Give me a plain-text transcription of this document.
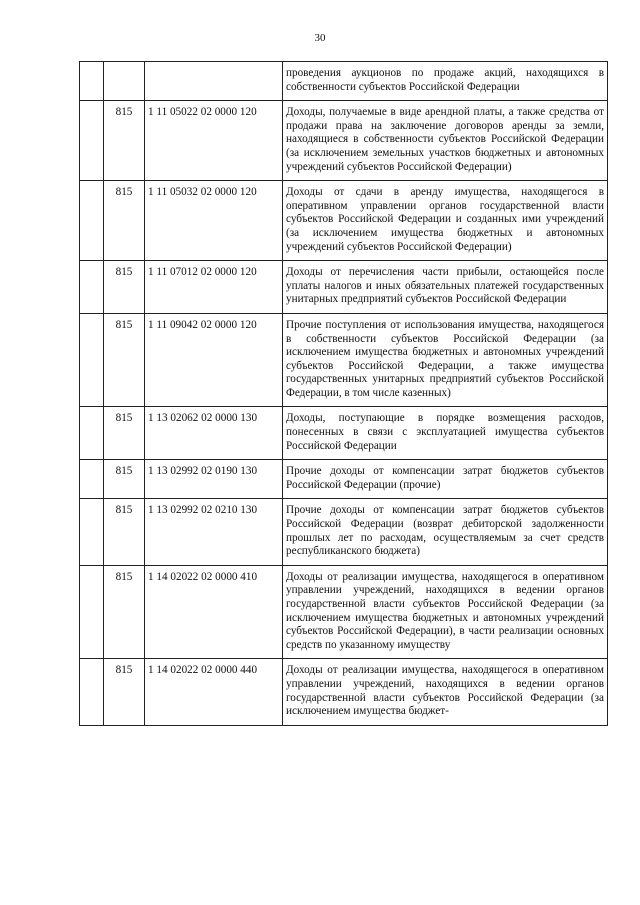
30
			проведения аукционов по продаже акций, находящихся в собственности субъектов Российской Федерации
	815	1 11 05022 02 0000 120	Доходы, получаемые в виде арендной платы, а также средства от продажи права на заключение договоров аренды за земли, находящиеся в собственности субъектов Российской Федерации (за исключением земельных участков бюджетных и автономных учреждений субъектов Российской Федерации)
	815	1 11 05032 02 0000 120	Доходы от сдачи в аренду имущества, находящегося в оперативном управлении органов государственной власти субъектов Российской Федерации и созданных ими учреждений (за исключением имущества бюджетных и автономных учреждений субъектов Российской Федерации)
	815	1 11 07012 02 0000 120	Доходы от перечисления части прибыли, остающейся после уплаты налогов и иных обязательных платежей государственных унитарных предприятий субъектов Российской Федерации
	815	1 11 09042 02 0000 120	Прочие поступления от использования имущества, находящегося в собственности субъектов Российской Федерации (за исключением имущества бюджетных и автономных учреждений субъектов Российской Федерации, а также имущества государственных унитарных предприятий субъектов Российской Федерации, в том числе казенных)
	815	1 13 02062 02 0000 130	Доходы, поступающие в порядке возмещения расходов, понесенных в связи с эксплуатацией имущества субъектов Российской Федерации
	815	1 13 02992 02 0190 130	Прочие доходы от компенсации затрат бюджетов субъектов Российской Федерации (прочие)
	815	1 13 02992 02 0210 130	Прочие доходы от компенсации затрат бюджетов субъектов Российской Федерации (возврат дебиторской задолженности прошлых лет по расходам, осуществляемым за счет средств республиканского бюджета)
	815	1 14 02022 02 0000 410	Доходы от реализации имущества, находящегося в оперативном управлении учреждений, находящихся в ведении органов государственной власти субъектов Российской Федерации (за исключением имущества бюджетных и автономных учреждений субъектов Российской Федерации), в части реализации основных средств по указанному имуществу
	815	1 14 02022 02 0000 440	Доходы от реализации имущества, находящегося в оперативном управлении учреждений, находящихся в ведении органов государственной власти субъектов Российской Федерации (за исключением имущества бюджет-
